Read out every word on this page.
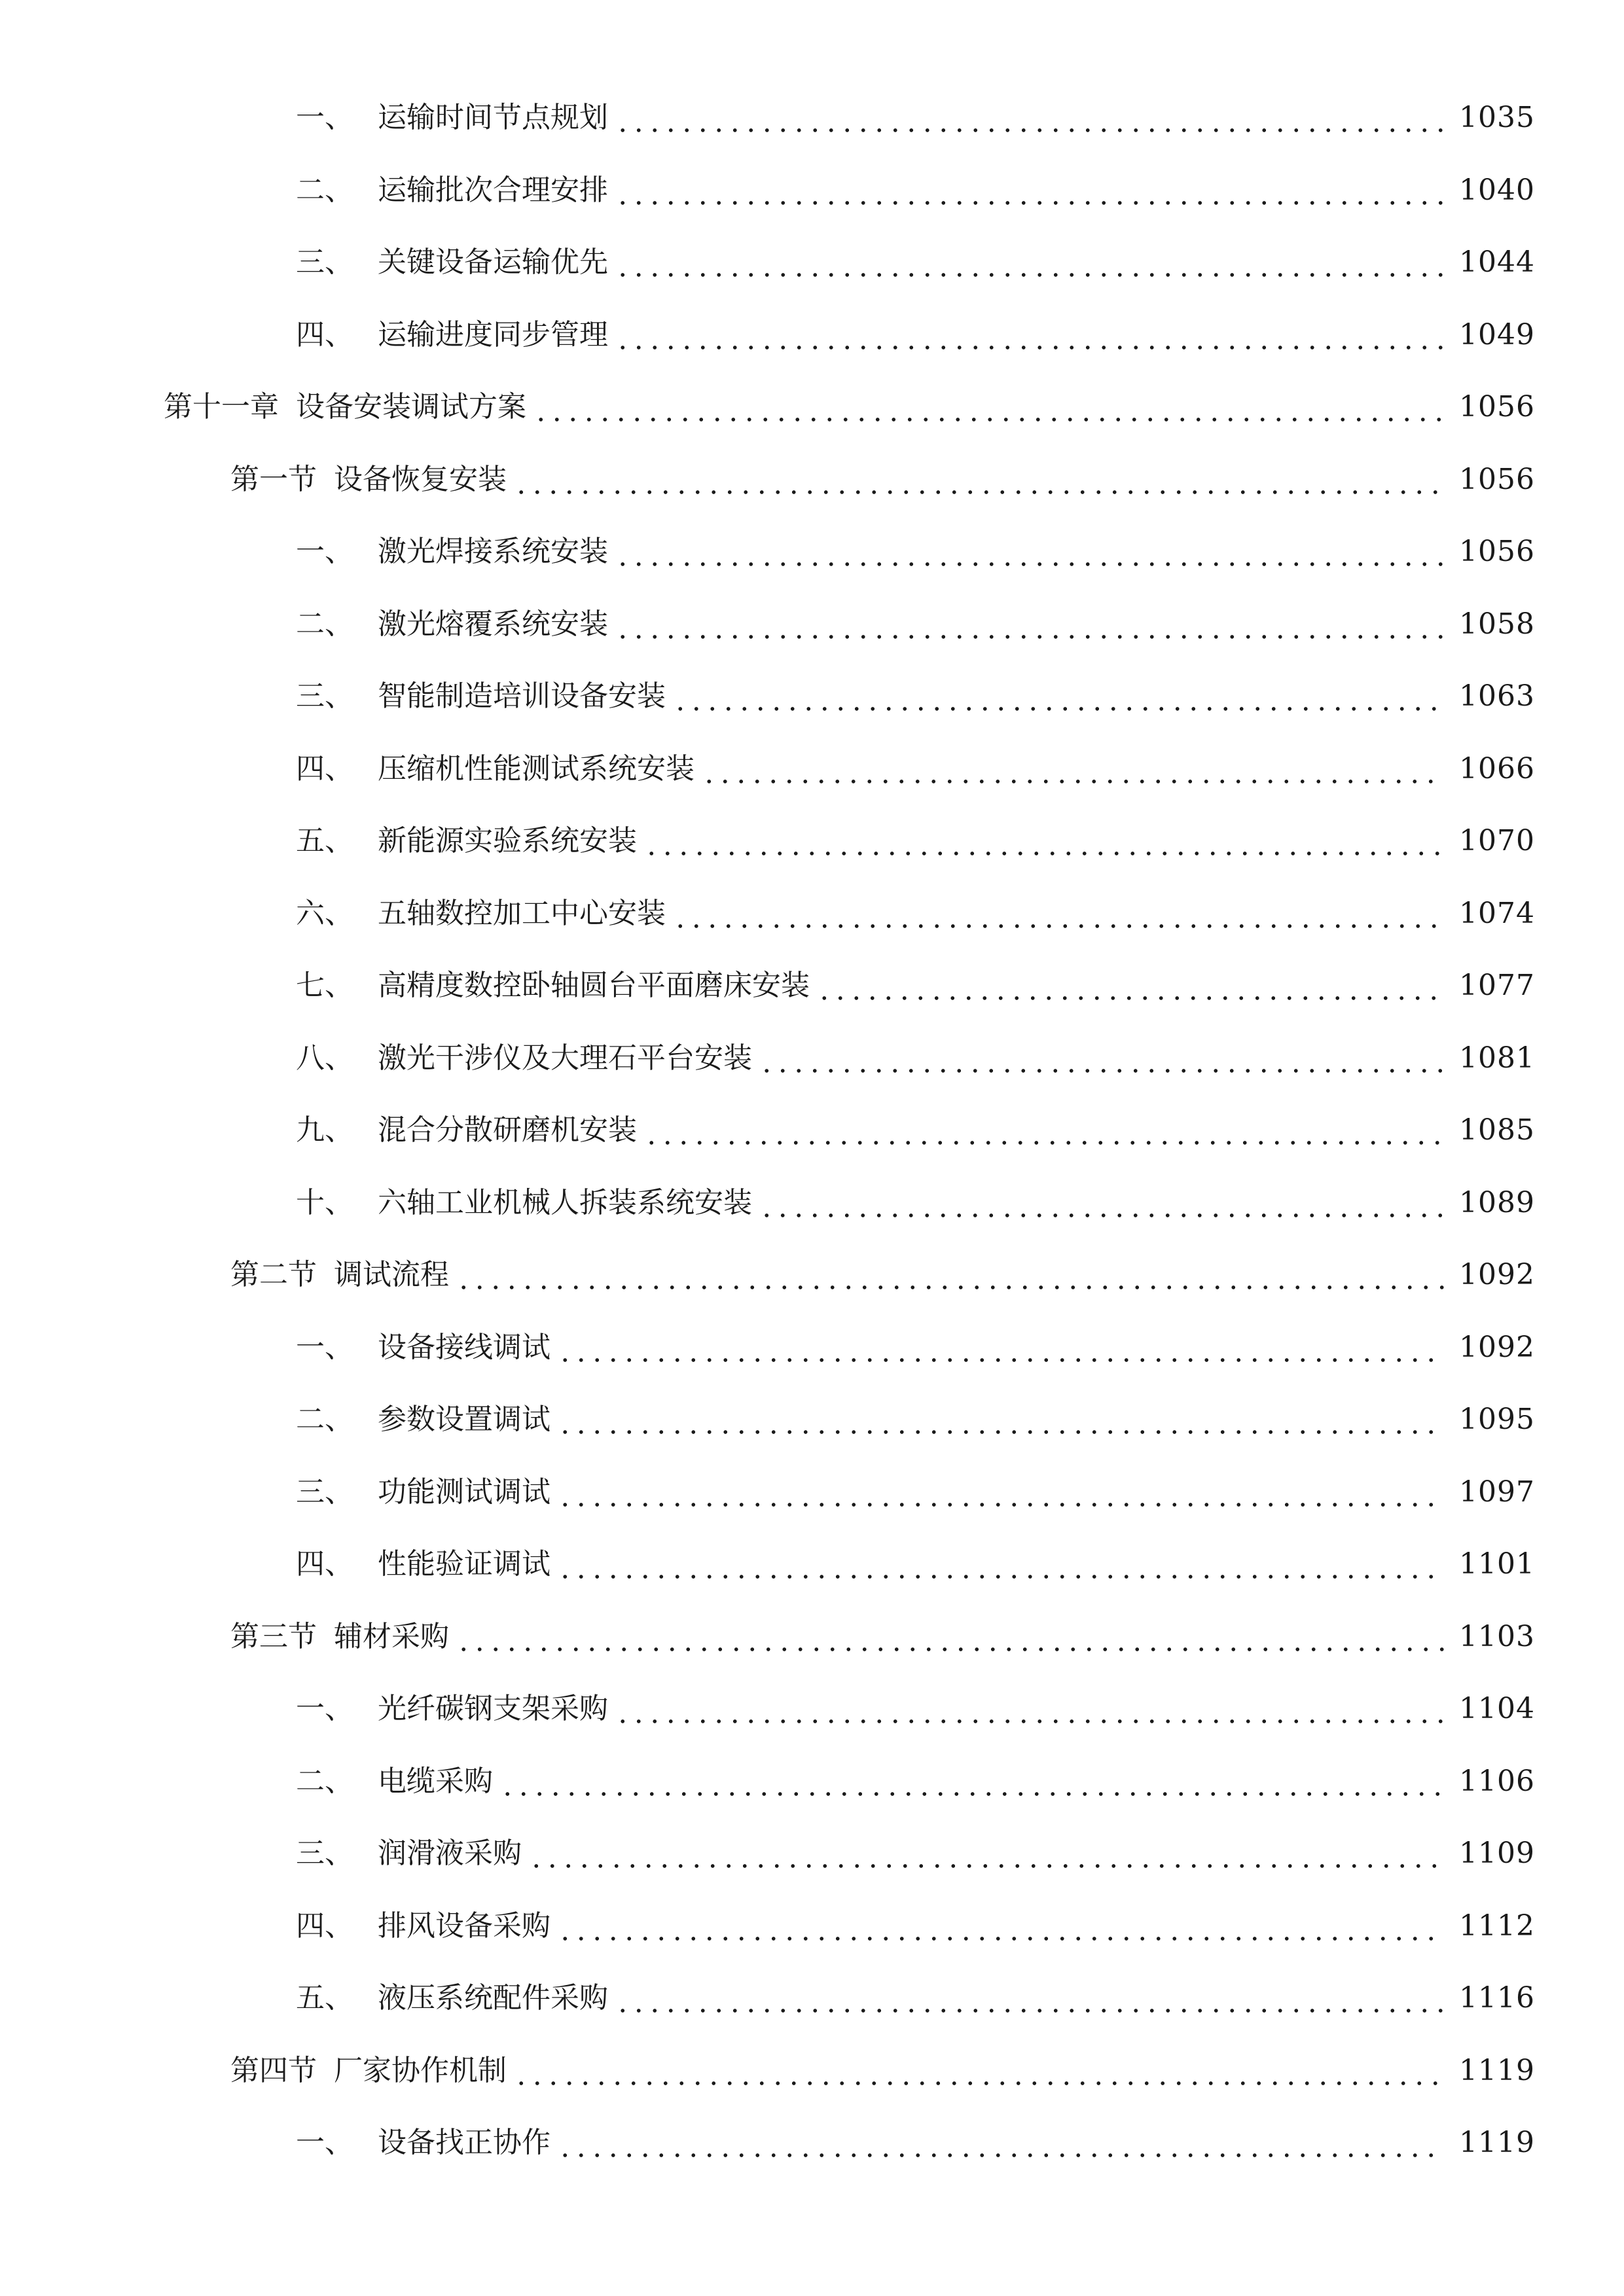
一、 运输时间节点规划	1035
二、 运输批次合理安排	1040
三、 关键设备运输优先	1044
四、 运输进度同步管理	1049
第十一章 设备安装调试方案	1056
第一节 设备恢复安装	1056
一、 激光焊接系统安装	1056
二、 激光熔覆系统安装	1058
三、 智能制造培训设备安装	1063
四、 压缩机性能测试系统安装	1066
五、 新能源实验系统安装	1070
六、 五轴数控加工中心安装	1074
七、 高精度数控卧轴圆台平面磨床安装	1077
八、 激光干涉仪及大理石平台安装	1081
九、 混合分散研磨机安装	1085
十、 六轴工业机械人拆装系统安装	1089
第二节 调试流程	1092
一、 设备接线调试	1092
二、 参数设置调试	1095
三、 功能测试调试	1097
四、 性能验证调试	1101
第三节 辅材采购	1103
一、 光纤碳钢支架采购	1104
二、 电缆采购	1106
三、 润滑液采购	1109
四、 排风设备采购	1112
五、 液压系统配件采购	1116
第四节 厂家协作机制	1119
一、 设备找正协作	1119
